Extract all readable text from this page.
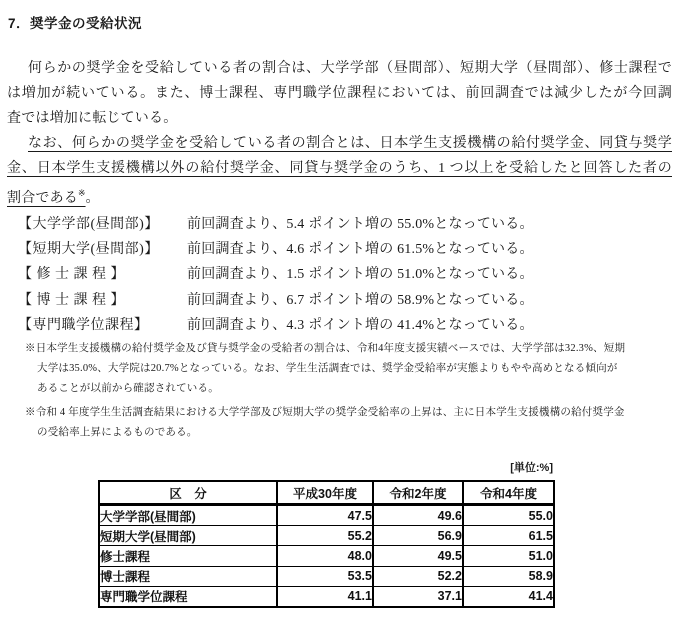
7．奨学金の受給状況
何らかの奨学金を受給している者の割合は、大学学部（昼間部）、短期大学（昼間部）、修士課程で
は増加が続いている。また、博士課程、専門職学位課程においては、前回調査では減少したが今回調
査では増加に転じている。
なお、何らかの奨学金を受給している者の割合とは、日本学生支援機構の給付奨学金、同貸与奨学
金、日本学生支援機構以外の給付奨学金、同貸与奨学金のうち、1 つ以上を受給したと回答した者の
割合である※。
【大学学部(昼間部)】 前回調査より、5.4 ポイント増の 55.0%となっている。
【短期大学(昼間部)】 前回調査より、4.6 ポイント増の 61.5%となっている。
【 修 士 課 程 】	前回調査より、1.5 ポイント増の 51.0%となっている。
【 博 士 課 程 】	前回調査より、6.7 ポイント増の 58.9%となっている。
【専門職学位課程】	前回調査より、4.3 ポイント増の 41.4%となっている。
※日本学生支援機構の給付奨学金及び貸与奨学金の受給者の割合は、令和4年度支援実績ベースでは、大学学部は32.3%、短期
大学は35.0%、大学院は20.7%となっている。なお、学生生活調査では、奨学金受給率が実態よりもやや高めとなる傾向が
あることが以前から確認されている。
※令和 4 年度学生生活調査結果における大学学部及び短期大学の奨学金受給率の上昇は、主に日本学生支援機構の給付奨学金
の受給率上昇によるものである。
[単位:%]
区　分	平成30年度	令和2年度	令和4年度
大学学部(昼間部)	47.5	49.6	55.0
短期大学(昼間部)	55.2	56.9	61.5
修士課程	48.0	49.5	51.0
博士課程	53.5	52.2	58.9
専門職学位課程	41.1	37.1	41.4
